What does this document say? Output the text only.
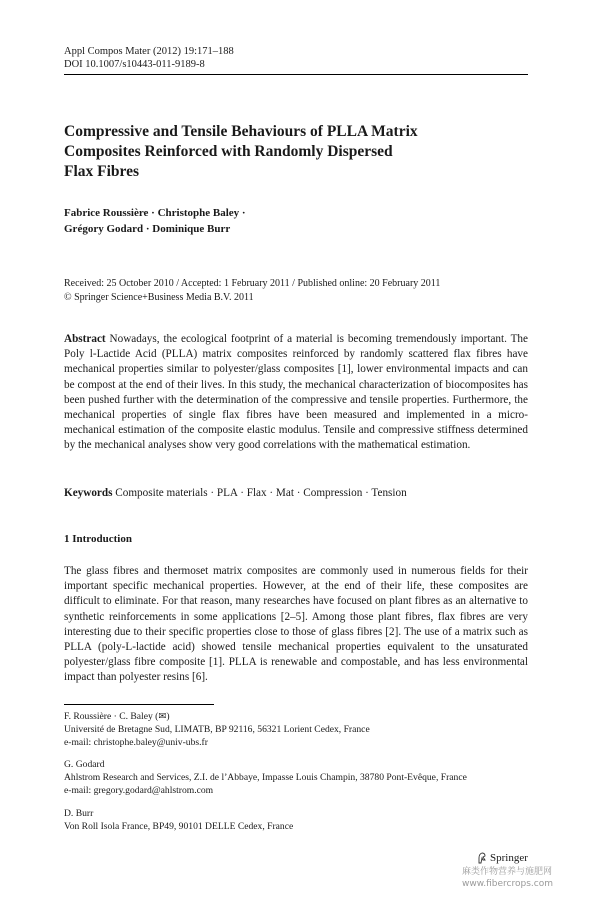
Appl Compos Mater (2012) 19:171–188
DOI 10.1007/s10443-011-9189-8
Compressive and Tensile Behaviours of PLLA Matrix
Composites Reinforced with Randomly Dispersed
Flax Fibres
Fabrice Roussière · Christophe Baley ·
Grégory Godard · Dominique Burr
Received: 25 October 2010 / Accepted: 1 February 2011 / Published online: 20 February 2011
© Springer Science+Business Media B.V. 2011
Abstract Nowadays, the ecological footprint of a material is becoming tremendously important. The Poly l-Lactide Acid (PLLA) matrix composites reinforced by randomly scattered flax fibres have mechanical properties similar to polyester/glass composites [1], lower environmental impacts and can be compost at the end of their lives. In this study, the mechanical characterization of biocomposites has been pushed further with the determination of the compressive and tensile properties. Furthermore, the mechanical properties of single flax fibres have been measured and implemented in a micro-mechanical estimation of the composite elastic modulus. Tensile and compressive stiffness determined by the mechanical analyses show very good correlations with the mathematical estimation.
Keywords Composite materials · PLA · Flax · Mat · Compression · Tension
1 Introduction
The glass fibres and thermoset matrix composites are commonly used in numerous fields for their important specific mechanical properties. However, at the end of their life, these composites are difficult to eliminate. For that reason, many researches have focused on plant fibres as an alternative to synthetic reinforcements in some applications [2–5]. Among those plant fibres, flax fibres are very interesting due to their specific properties close to those of glass fibres [2]. The use of a matrix such as PLLA (poly-L-lactide acid) showed tensile mechanical properties equivalent to the unsaturated polyester/glass fibre composite [1]. PLLA is renewable and compostable, and has less environmental impact than polyester resins [6].
F. Roussière · C. Baley (✉)
Université de Bretagne Sud, LIMATB, BP 92116, 56321 Lorient Cedex, France
e-mail: christophe.baley@univ-ubs.fr
G. Godard
Ahlstrom Research and Services, Z.I. de l’Abbaye, Impasse Louis Champin, 38780 Pont-Evêque, France
e-mail: gregory.godard@ahlstrom.com
D. Burr
Von Roll Isola France, BP49, 90101 DELLE Cedex, France
Springer
麻类作物营养与施肥网
www.fibercrops.com
